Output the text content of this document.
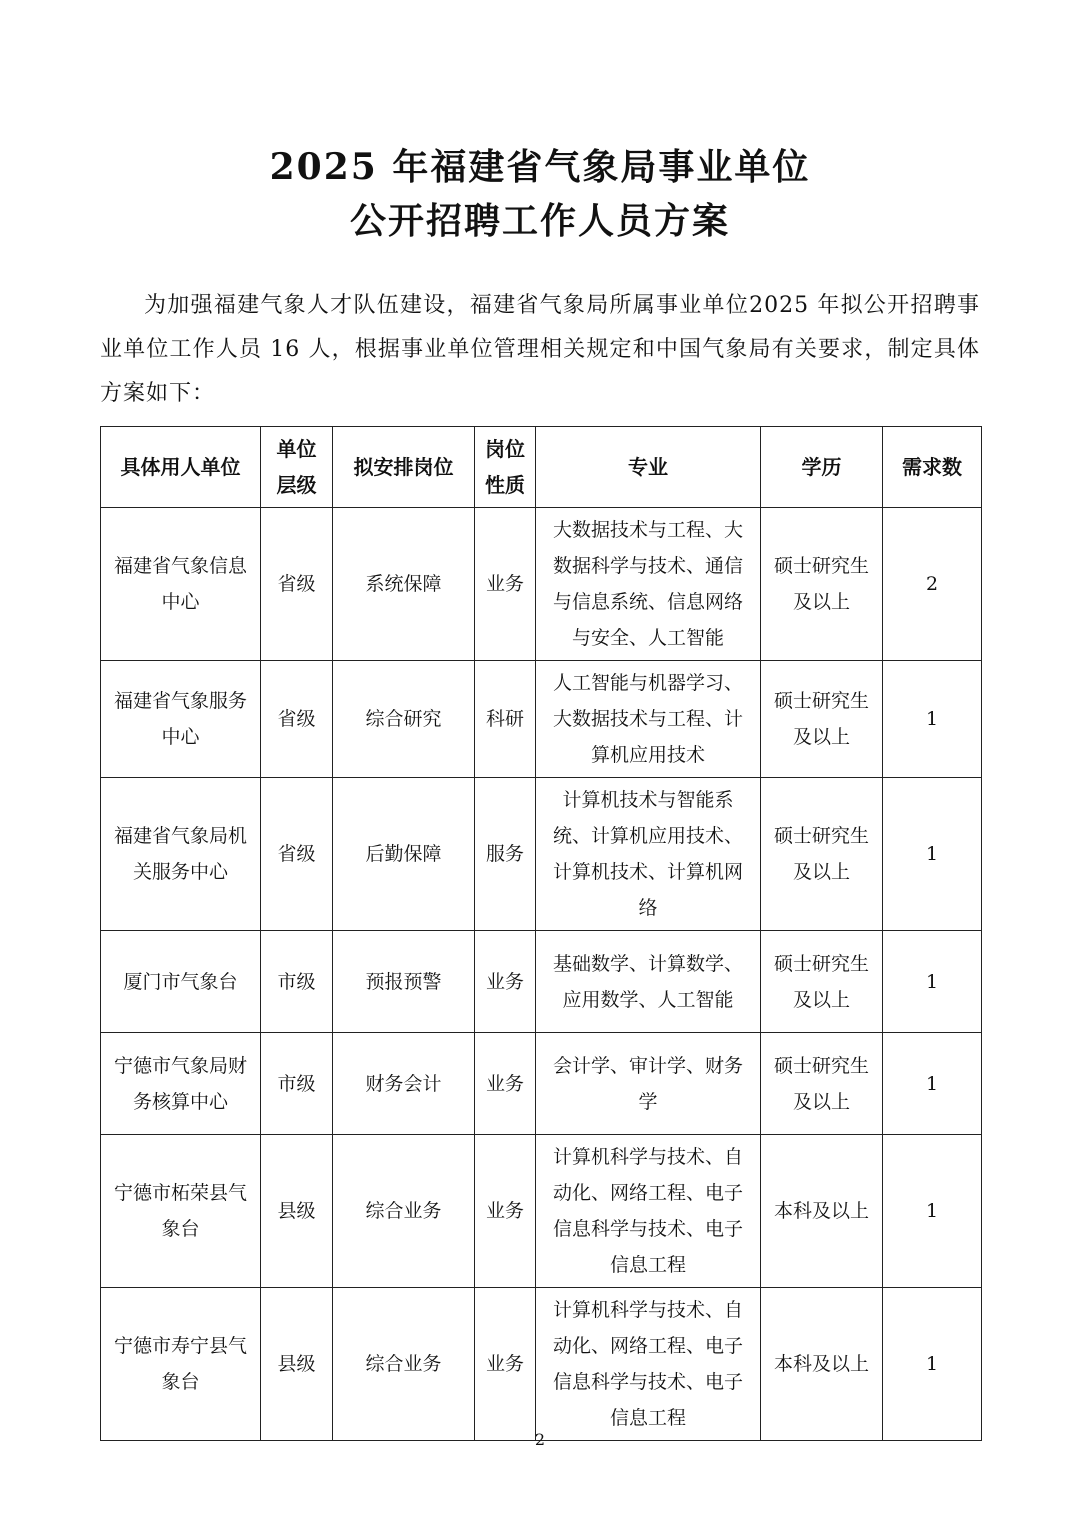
2025 年福建省气象局事业单位
公开招聘工作人员方案

为加强福建气象人才队伍建设，福建省气象局所属事业单位2025 年拟公开招聘事业单位工作人员 16 人，根据事业单位管理相关规定和中国气象局有关要求，制定具体方案如下：

具体用人单位	单位层级	拟安排岗位	岗位性质	专业	学历	需求数
福建省气象信息中心	省级	系统保障	业务	大数据技术与工程、大数据科学与技术、通信与信息系统、信息网络与安全、人工智能	硕士研究生及以上	2
福建省气象服务中心	省级	综合研究	科研	人工智能与机器学习、大数据技术与工程、计算机应用技术	硕士研究生及以上	1
福建省气象局机关服务中心	省级	后勤保障	服务	计算机技术与智能系统、计算机应用技术、计算机技术、计算机网络	硕士研究生及以上	1
厦门市气象台	市级	预报预警	业务	基础数学、计算数学、应用数学、人工智能	硕士研究生及以上	1
宁德市气象局财务核算中心	市级	财务会计	业务	会计学、审计学、财务学	硕士研究生及以上	1
宁德市柘荣县气象台	县级	综合业务	业务	计算机科学与技术、自动化、网络工程、电子信息科学与技术、电子信息工程	本科及以上	1
宁德市寿宁县气象台	县级	综合业务	业务	计算机科学与技术、自动化、网络工程、电子信息科学与技术、电子信息工程	本科及以上	1
2
